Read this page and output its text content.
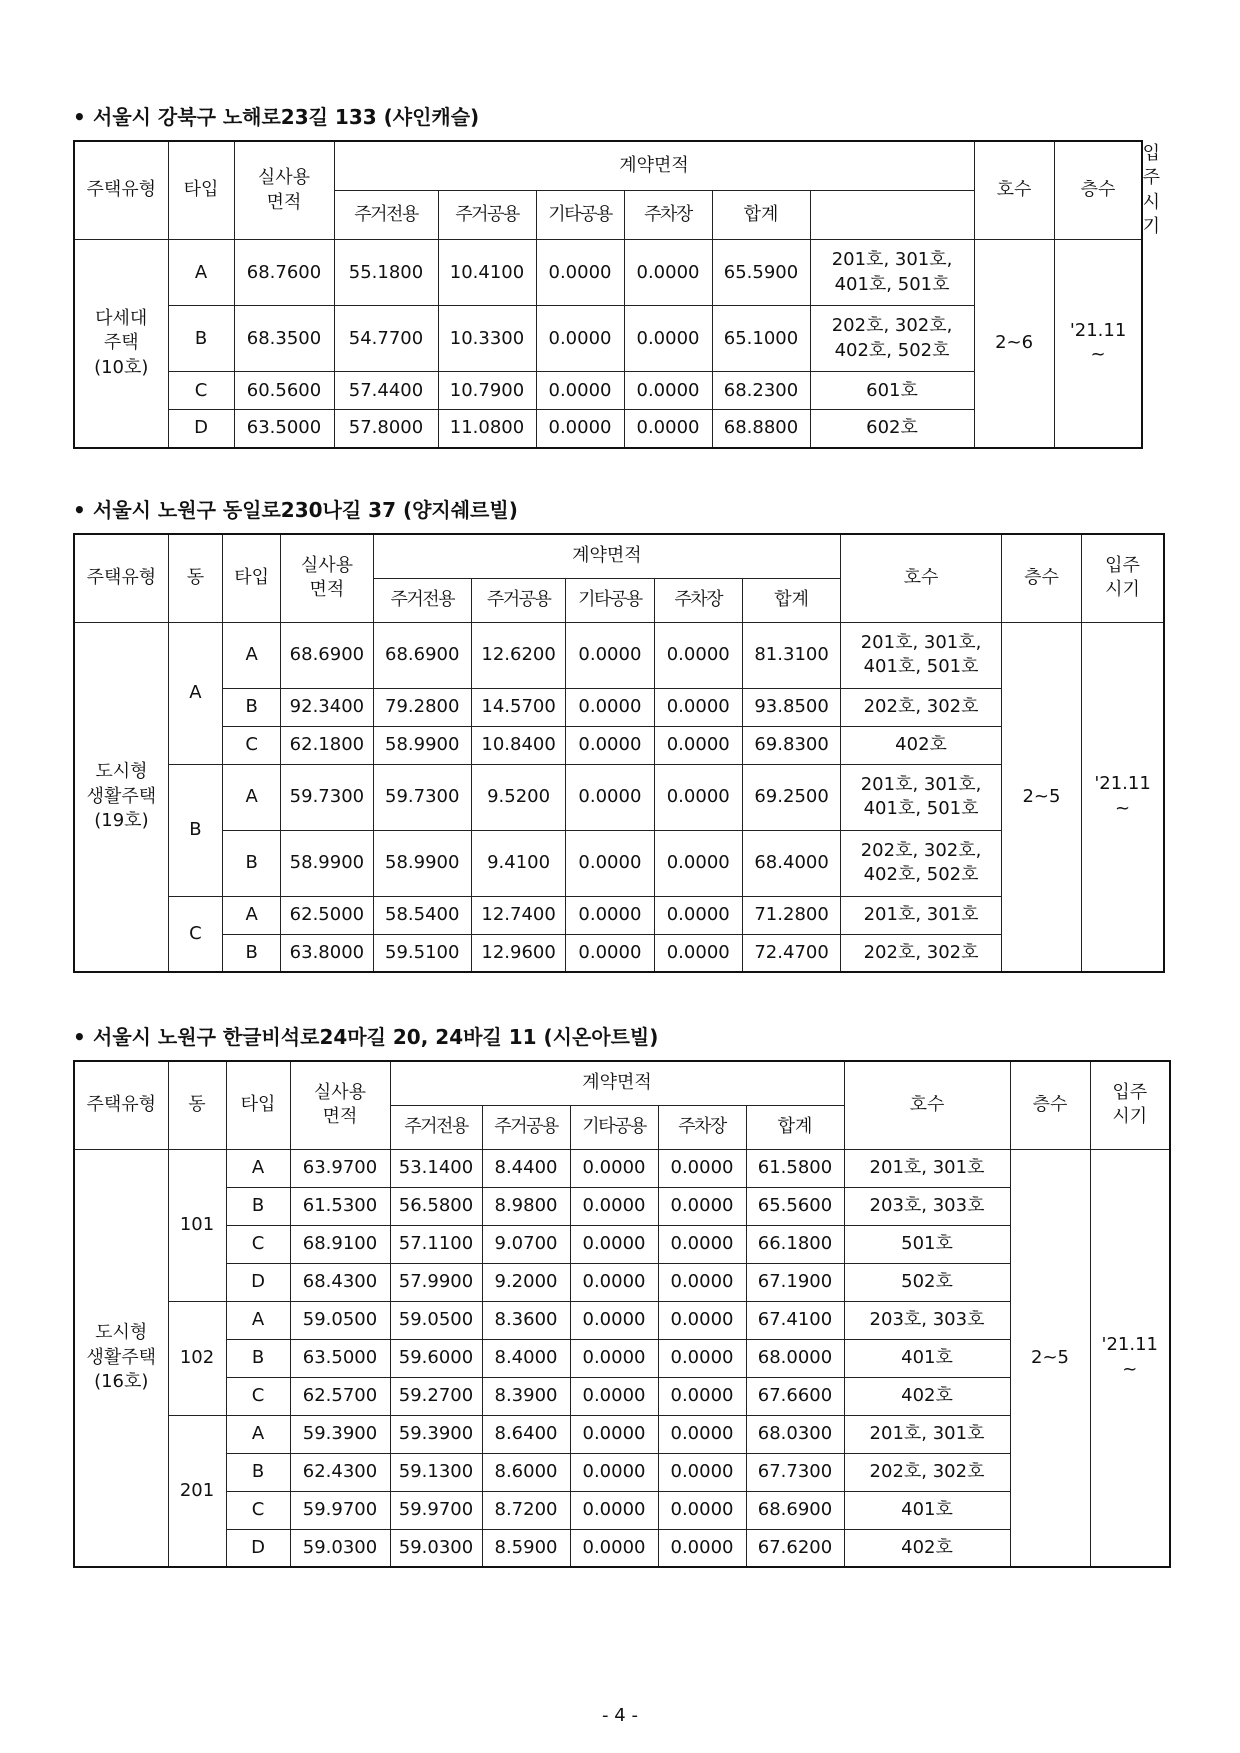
• 서울시 강북구 노해로23길 133 (샤인캐슬)
주택유형	타입	실사용
면적	계약면적						호수	층수	입주
시기
			주거전용	주거공용	기타공용	주차장	합계				
다세대
주택
(10호)	A	68.7600	55.1800	10.4100	0.0000	0.0000	65.5900	201호, 301호,
401호, 501호	2~6	'21.11
~	
	B	68.3500	54.7700	10.3300	0.0000	0.0000	65.1000	202호, 302호,
402호, 502호			
	C	60.5600	57.4400	10.7900	0.0000	0.0000	68.2300	601호			
	D	63.5000	57.8000	11.0800	0.0000	0.0000	68.8800	602호			
• 서울시 노원구 동일로230나길 37 (양지쉐르빌)
주택유형	동	타입	실사용
면적	계약면적					호수	층수	입주
시기
				주거전용	주거공용	기타공용	주차장	합계			
도시형
생활주택
(19호)	A	A	68.6900	68.6900	12.6200	0.0000	0.0000	81.3100	201호, 301호,
401호, 501호	2~5	'21.11
~
		B	92.3400	79.2800	14.5700	0.0000	0.0000	93.8500	202호, 302호		
		C	62.1800	58.9900	10.8400	0.0000	0.0000	69.8300	402호		
	B	A	59.7300	59.7300	9.5200	0.0000	0.0000	69.2500	201호, 301호,
401호, 501호		
		B	58.9900	58.9900	9.4100	0.0000	0.0000	68.4000	202호, 302호,
402호, 502호		
	C	A	62.5000	58.5400	12.7400	0.0000	0.0000	71.2800	201호, 301호		
		B	63.8000	59.5100	12.9600	0.0000	0.0000	72.4700	202호, 302호		
• 서울시 노원구 한글비석로24마길 20, 24바길 11 (시온아트빌)
주택유형	동	타입	실사용
면적	계약면적					호수	층수	입주
시기
				주거전용	주거공용	기타공용	주차장	합계			
도시형
생활주택
(16호)	101	A	63.9700	53.1400	8.4400	0.0000	0.0000	61.5800	201호, 301호	2~5	'21.11
~
		B	61.5300	56.5800	8.9800	0.0000	0.0000	65.5600	203호, 303호		
		C	68.9100	57.1100	9.0700	0.0000	0.0000	66.1800	501호		
		D	68.4300	57.9900	9.2000	0.0000	0.0000	67.1900	502호		
	102	A	59.0500	59.0500	8.3600	0.0000	0.0000	67.4100	203호, 303호		
		B	63.5000	59.6000	8.4000	0.0000	0.0000	68.0000	401호		
		C	62.5700	59.2700	8.3900	0.0000	0.0000	67.6600	402호		
	201	A	59.3900	59.3900	8.6400	0.0000	0.0000	68.0300	201호, 301호		
		B	62.4300	59.1300	8.6000	0.0000	0.0000	67.7300	202호, 302호		
		C	59.9700	59.9700	8.7200	0.0000	0.0000	68.6900	401호		
		D	59.0300	59.0300	8.5900	0.0000	0.0000	67.6200	402호		
- 4 -
